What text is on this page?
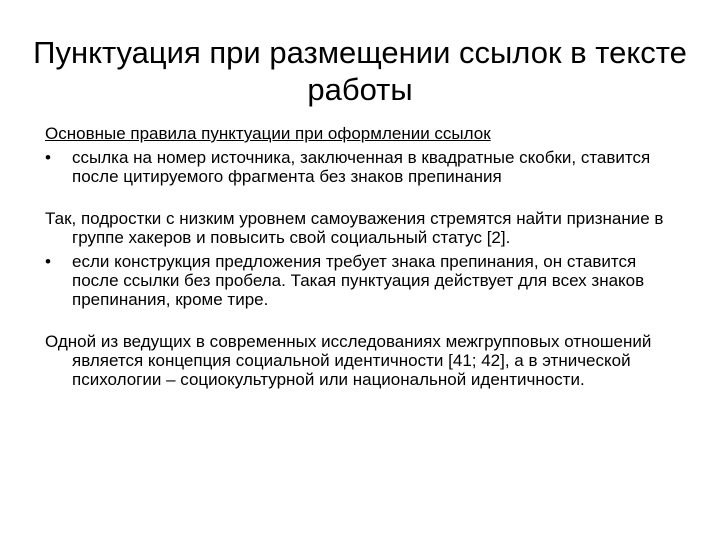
Пунктуация при размещении ссылок в тексте работы

Основные правила пунктуации при оформлении ссылок

• ссылка на номер источника, заключенная в квадратные скобки, ставится после цитируемого фрагмента без знаков препинания

Так, подростки с низким уровнем самоуважения стремятся найти признание в группе хакеров и повысить свой социальный статус [2].

• если конструкция предложения требует знака препинания, он ставится после ссылки без пробела. Такая пунктуация действует для всех знаков препинания, кроме тире.

Одной из ведущих в современных исследованиях межгрупповых отношений является концепция социальной идентичности [41; 42], а в этнической психологии – социокультурной или национальной идентичности.
